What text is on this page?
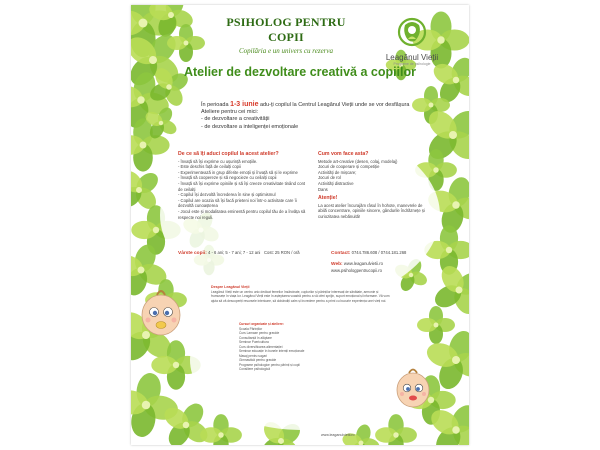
PSIHOLOG PENTRU COPII
Copilăria e un univers cu rezerva
Leagănul Vieții
Programe de psihologie
Atelier de dezvoltare creativă a copiilor
În perioada 1-3 iunie adu-ți copilul la Centrul Leagănul Vieții unde se vor desfășura Ateliere pentru cei mici:
- de dezvoltare a creativității
- de dezvoltare a inteligenței emoționale
De ce să îți aduci copilul la acest atelier?
- Învață să își exprime cu ușurință emoțiile.
- Este deschis față de ceilalți copii
- Experimentează in grup diferite emoții și învață să și le exprime
- Învață să coopereze și să negocieze cu ceilalți copii
- Învață să își exprime opiniile și să își creeze creativitate tinând cont de ceilalți
- Copilul își dezvoltă încrederea în sine și optimismul
- Copilul are ocazia să își facă prieteni noi într-o activitate care îi dezvoltă cunoașterea
- Jocul este și modalitatea eminentă pentru copilul tău de a învăța să respecte noi reguli.
Cum vom face asta?
Metode art-creative (desen, colaj, modelaj)
Jocuri de cooperare și competiție
Activități de mișcare;
Jocuri de rol
Activități distractive
Dans
Atenție!
La acest atelier încurajăm râsul în hohote, manevrele de abilă concentrare, opiniile sincere, gândurile îndrăznețe și curiozitatea nebănuită!
Vârste copii: 4 - 6 ani; 5 - 7 ani; 7 - 12 ani Cost: 25 RON / oră	Contact: 0744.786.608 / 0744.181.268
Web: www.leaganulvietii.ro
www.psihologpentrucopii.ro
Despre Leagănul Vieții
Leagănul Vieții este un centru unic dedicat femeilor însărcinate, cuplurilor și părinților interesați de sănătate, armonie și frumusețe în viața lor. Leagănul Vieții este în așteptarea voastră pentru a vă oferi sprijin, suport emoțional și informare. Vă vom ajuta să vă descoperiți resursele interioare, să dobândiți calm și încredere pentru a primi cu bucurie experiența unei vieți noi.
Cursuri organizate și ateliere:
Școala Părinților
Curs Lamaze pentru gravide
Consultanță în alăptare
Seminar Puericultura
Curs diversificarea alimentației
Seminar educație în bunele intenții emoționale
Masaj pentru sugari
Gimnastică pentru gravide
Programe psihologice pentru părinți și copii
Consiliere psihologică
www.leaganulvietii.ro
